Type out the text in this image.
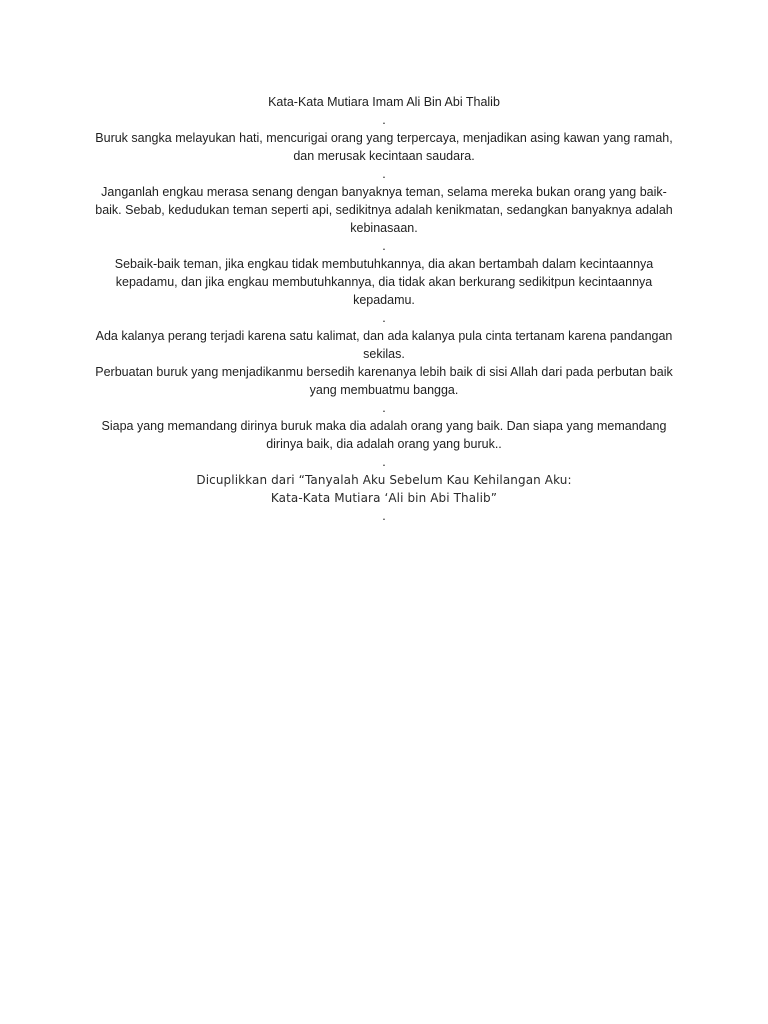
Kata-Kata Mutiara Imam Ali Bin Abi Thalib
.
Buruk sangka melayukan hati, mencurigai orang yang terpercaya, menjadikan asing kawan yang ramah, dan merusak kecintaan saudara.
.
Janganlah engkau merasa senang dengan banyaknya teman, selama mereka bukan orang yang baik-baik. Sebab, kedudukan teman seperti api, sedikitnya adalah kenikmatan, sedangkan banyaknya adalah kebinasaan.
.
Sebaik-baik teman, jika engkau tidak membutuhkannya, dia akan bertambah dalam kecintaannya kepadamu, dan jika engkau membutuhkannya, dia tidak akan berkurang sedikitpun kecintaannya kepadamu.
.
Ada kalanya perang terjadi karena satu kalimat, dan ada kalanya pula cinta tertanam karena pandangan sekilas.
Perbuatan buruk yang menjadikanmu bersedih karenanya lebih baik di sisi Allah dari pada perbutan baik yang membuatmu bangga.
.
Siapa yang memandang dirinya buruk maka dia adalah orang yang baik. Dan siapa yang memandang dirinya baik, dia adalah orang yang buruk..
.
Dicuplikkan dari “Tanyalah Aku Sebelum Kau Kehilangan Aku:
Kata-Kata Mutiara ‘Ali bin Abi Thalib”
.
